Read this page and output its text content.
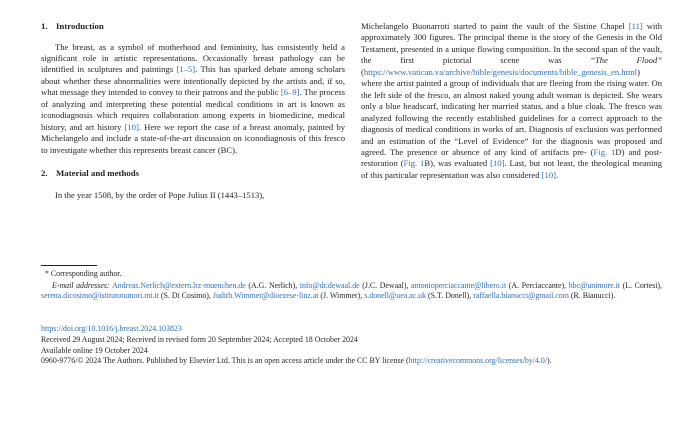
1. Introduction

The breast, as a symbol of motherhood and femininity, has consistently held a significant role in artistic representations. Occasionally breast pathology can be identified in sculptures and paintings [1–5]. This has sparked debate among scholars about whether these abnormalities were intentionally depicted by the artists and, if so, what message they intended to convey to their patrons and the public [6–9]. The process of analyzing and interpreting these potential medical conditions in art is known as iconodiagnosis which requires collaboration among experts in biomedicine, medical history, and art history [10]. Here we report the case of a breast anomaly, painted by Michelangelo and include a state-of-the-art discussion on iconodiagnosis of this fresco to investigate whether this represents breast cancer (BC).

2. Material and methods

In the year 1508, by the order of Pope Julius II (1443–1513),

Michelangelo Buonarroti started to paint the vault of the Sistine Chapel [11] with approximately 300 figures. The principal theme is the story of the Genesis in the Old Testament, presented in a unique flowing composition. In the second span of the vault, the first pictorial scene was “The Flood” (https://www.vatican.va/archive/bible/genesis/documents/bible_genesis_en.html) where the artist painted a group of individuals that are fleeing from the rising water. On the left side of the fresco, an almost naked young adult woman is depicted. She wears only a blue headscarf, indicating her married status, and a blue cloak. The fresco was analyzed following the recently established guidelines for a correct approach to the diagnosis of medical conditions in works of art. Diagnosis of exclusion was performed and an estimation of the “Level of Evidence” for the diagnosis was proposed and agreed. The presence or absence of any kind of artifacts pre- (Fig. 1D) and post-restoration (Fig. 1B), was evaluated [10]. Last, but not least, the theological meaning of this particular representation was also considered [10].

* Corresponding author.
E-mail addresses: Andreas.Nerlich@extern.lrz-muenchen.de (A.G. Nerlich), info@dr.dewaal.de (J.C. Dewaal), antonioperciaccante@libero.it (A. Perciaccante), hbc@unimore.it (L. Cortesi), serena.dicosimo@istitutotumori.mi.it (S. Di Cosimo), Judith.Wimmer@dioezese-linz.at (J. Wimmer), s.donell@uea.ac.uk (S.T. Donell), raffaella.bianucci@gmail.com (R. Bianucci).
https://doi.org/10.1016/j.breast.2024.103823
Received 29 August 2024; Received in revised form 20 September 2024; Accepted 18 October 2024
Available online 19 October 2024
0960-9776/© 2024 The Authors. Published by Elsevier Ltd. This is an open access article under the CC BY license (http://creativecommons.org/licenses/by/4.0/).
